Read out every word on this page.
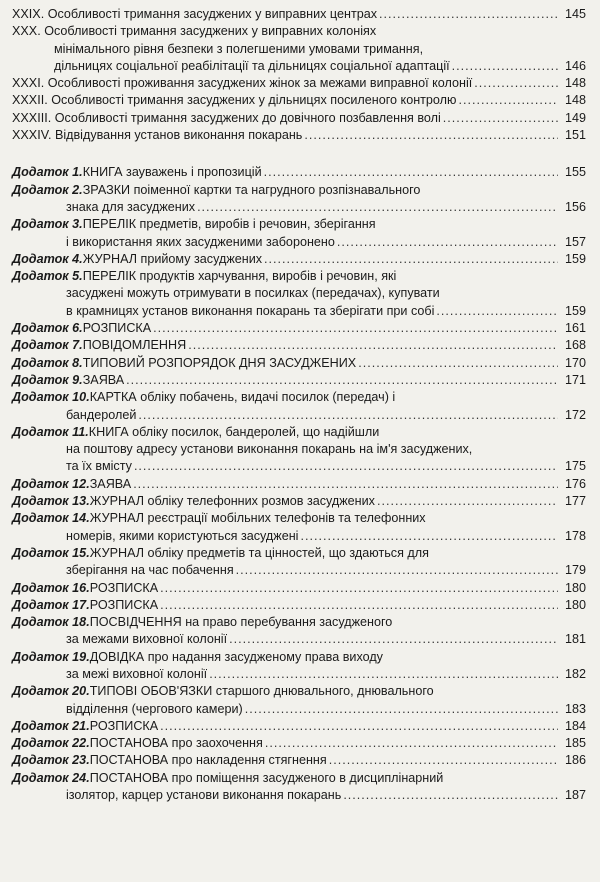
XXIX. Особливості тримання засуджених у виправних центрах .....	145
XXX. Особливості тримання засуджених у виправних колоніях
мінімального рівня безпеки з полегшеними умовами тримання,
дільницях соціальної реабілітації та дільницях соціальної адаптації .....	146
XXXI. Особливості проживання засуджених жінок за межами виправної колонії .....	148
XXXII. Особливості тримання засуджених у дільницях посиленого контролю .....	148
XXXIII. Особливості тримання засуджених до довічного позбавлення волі .....	149
XXXIV. Відвідування установ виконання покарань .....	151
Додаток 1. КНИГА зауважень і пропозицій .....	155
Додаток 2. ЗРАЗКИ поіменної картки та нагрудного розпізнавального
знака для засуджених .....	156
Додаток 3. ПЕРЕЛІК предметів, виробів і речовин, зберігання
і використання яких засудженими заборонено .....	157
Додаток 4. ЖУРНАЛ прийому засуджених .....	159
Додаток 5. ПЕРЕЛІК продуктів харчування, виробів і речовин, які
засуджені можуть отримувати в посилках (передачах), купувати
в крамницях установ виконання покарань та зберігати при собі .....	159
Додаток 6. РОЗПИСКА .....	161
Додаток 7. ПОВІДОМЛЕННЯ .....	168
Додаток 8. ТИПОВИЙ РОЗПОРЯДОК ДНЯ ЗАСУДЖЕНИХ .....	170
Додаток 9. ЗАЯВА .....	171
Додаток 10. КАРТКА обліку побачень, видачі посилок (передач) і
бандеролей .....	172
Додаток 11. КНИГА обліку посилок, бандеролей, що надійшли
на поштову адресу установи виконання покарань на ім'я засуджених,
та їх вмісту .....	175
Додаток 12. ЗАЯВА .....	176
Додаток 13. ЖУРНАЛ обліку телефонних розмов засуджених .....	177
Додаток 14. ЖУРНАЛ реєстрації мобільних телефонів та телефонних
номерів, якими користуються засуджені .....	178
Додаток 15. ЖУРНАЛ обліку предметів та цінностей, що здаються для
зберігання на час побачення .....	179
Додаток 16. РОЗПИСКА .....	180
Додаток 17. РОЗПИСКА .....	180
Додаток 18. ПОСВІДЧЕННЯ на право перебування засудженого
за межами виховної колонії .....	181
Додаток 19. ДОВІДКА про надання засудженому права виходу
за межі виховної колонії .....	182
Додаток 20. ТИПОВІ ОБОВ'ЯЗКИ старшого днювального, днювального
відділення (чергового камери) .....	183
Додаток 21. РОЗПИСКА .....	184
Додаток 22. ПОСТАНОВА про заохочення .....	185
Додаток 23. ПОСТАНОВА про накладення стягнення .....	186
Додаток 24. ПОСТАНОВА про поміщення засудженого в дисциплінарний
ізолятор, карцер установи виконання покарань .....	187
